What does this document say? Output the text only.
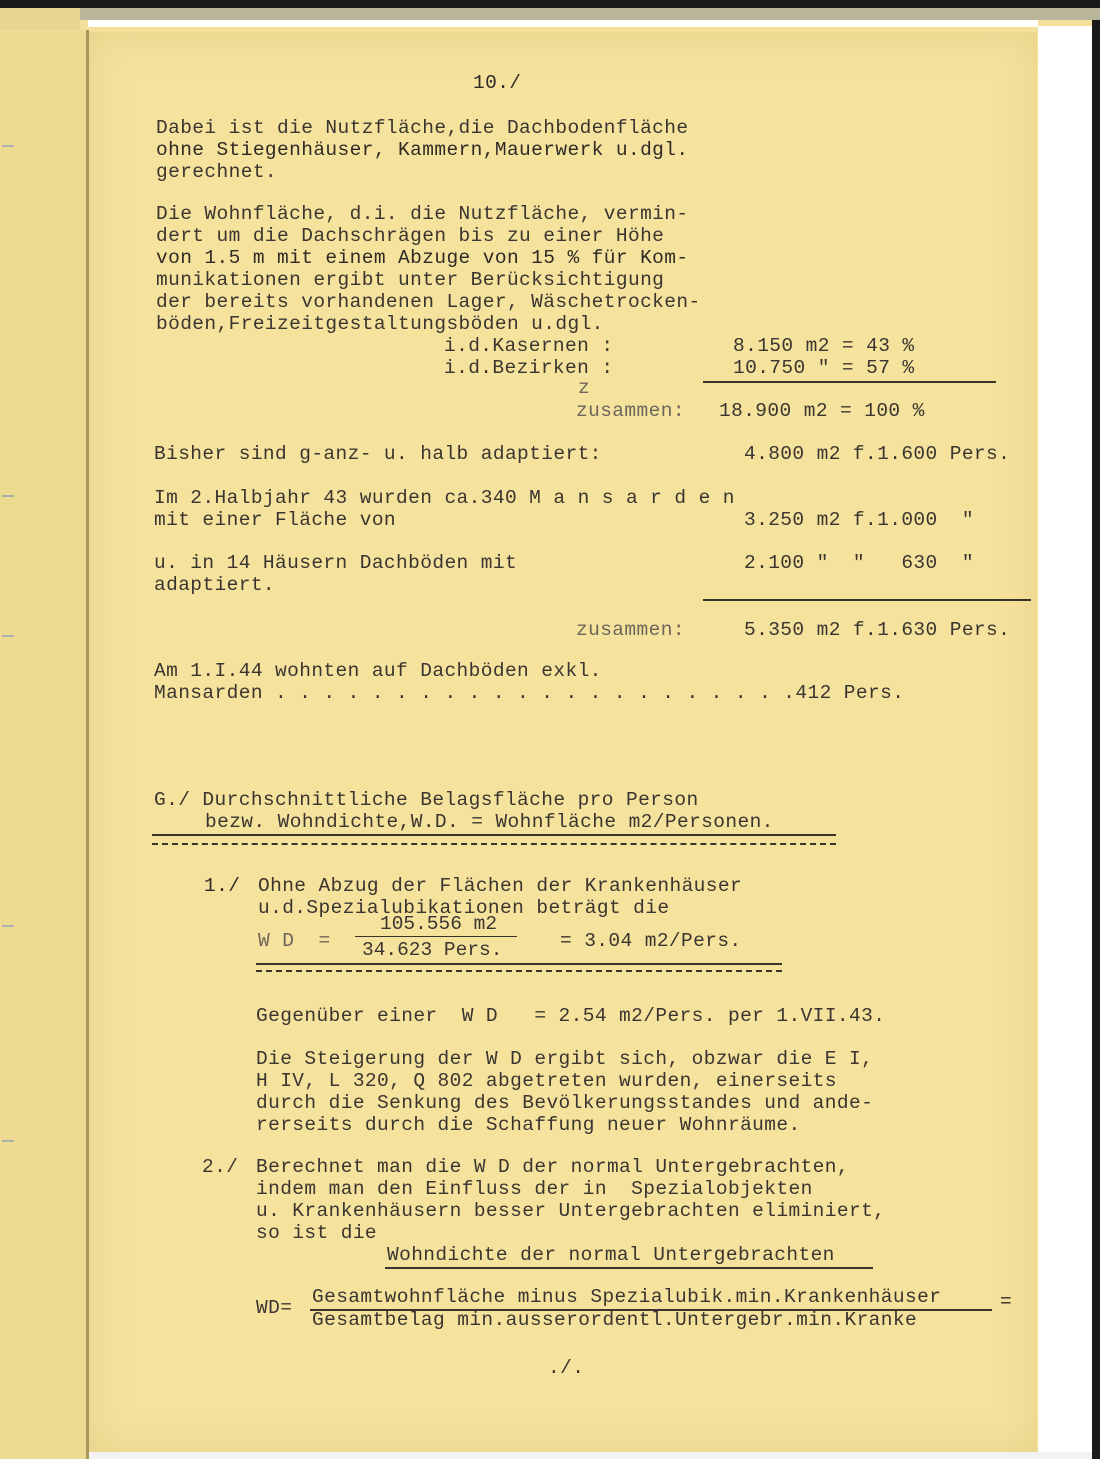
10./
Dabei ist die Nutzfläche,die Dachbodenfläche
ohne Stiegenhäuser, Kammern,Mauerwerk u.dgl.
gerechnet.
Die Wohnfläche, d.i. die Nutzfläche, vermin-
dert um die Dachschrägen bis zu einer Höhe
von 1.5 m mit einem Abzuge von 15 % für Kom-
munikationen ergibt unter Berücksichtigung
der bereits vorhandenen Lager, Wäschetrocken-
böden,Freizeitgestaltungsböden u.dgl.
i.d.Kasernen :	8.150 m2 = 43 %
i.d.Bezirken :	10.750 " = 57 %
z
zusammen: 18.900 m2 = 100 %
Bisher sind g-anz- u. halb adaptiert:	4.800 m2 f.1.600 Pers.
Im 2.Halbjahr 43 wurden ca.340 M a n s a r d e n
mit einer Fläche von	3.250 m2 f.1.000  "
u. in 14 Häusern Dachböden mit	2.100 "  "   630  "
adaptiert.
zusammen:	5.350 m2 f.1.630 Pers.
Am 1.I.44 wohnten auf Dachböden exkl.
Mansarden . . . . . . . . . . . . . . . . . . . . . .412 Pers.
G./ Durchschnittliche Belagsfläche pro Person
bezw. Wohndichte,W.D. = Wohnfläche m2/Personen.
1./ Ohne Abzug der Flächen der Krankenhäuser
u.d.Spezialubikationen beträgt die
W D  =
105.556 m2
34.623 Pers.	= 3.04 m2/Pers.
Gegenüber einer  W D   = 2.54 m2/Pers. per 1.VII.43.
Die Steigerung der W D ergibt sich, obzwar die E I,
H IV, L 320, Q 802 abgetreten wurden, einerseits
durch die Senkung des Bevölkerungsstandes und ande-
rerseits durch die Schaffung neuer Wohnräume.
2./ Berechnet man die W D der normal Untergebrachten,
indem man den Einfluss der in  Spezialobjekten
u. Krankenhäusern besser Untergebrachten eliminiert,
so ist die
Wohndichte der normal Untergebrachten
WD= Gesamtwohnfläche minus Spezialubik.min.Krankenhäuser
Gesamtbelag min.ausserordentl.Untergebr.min.Kranke
=
./.
